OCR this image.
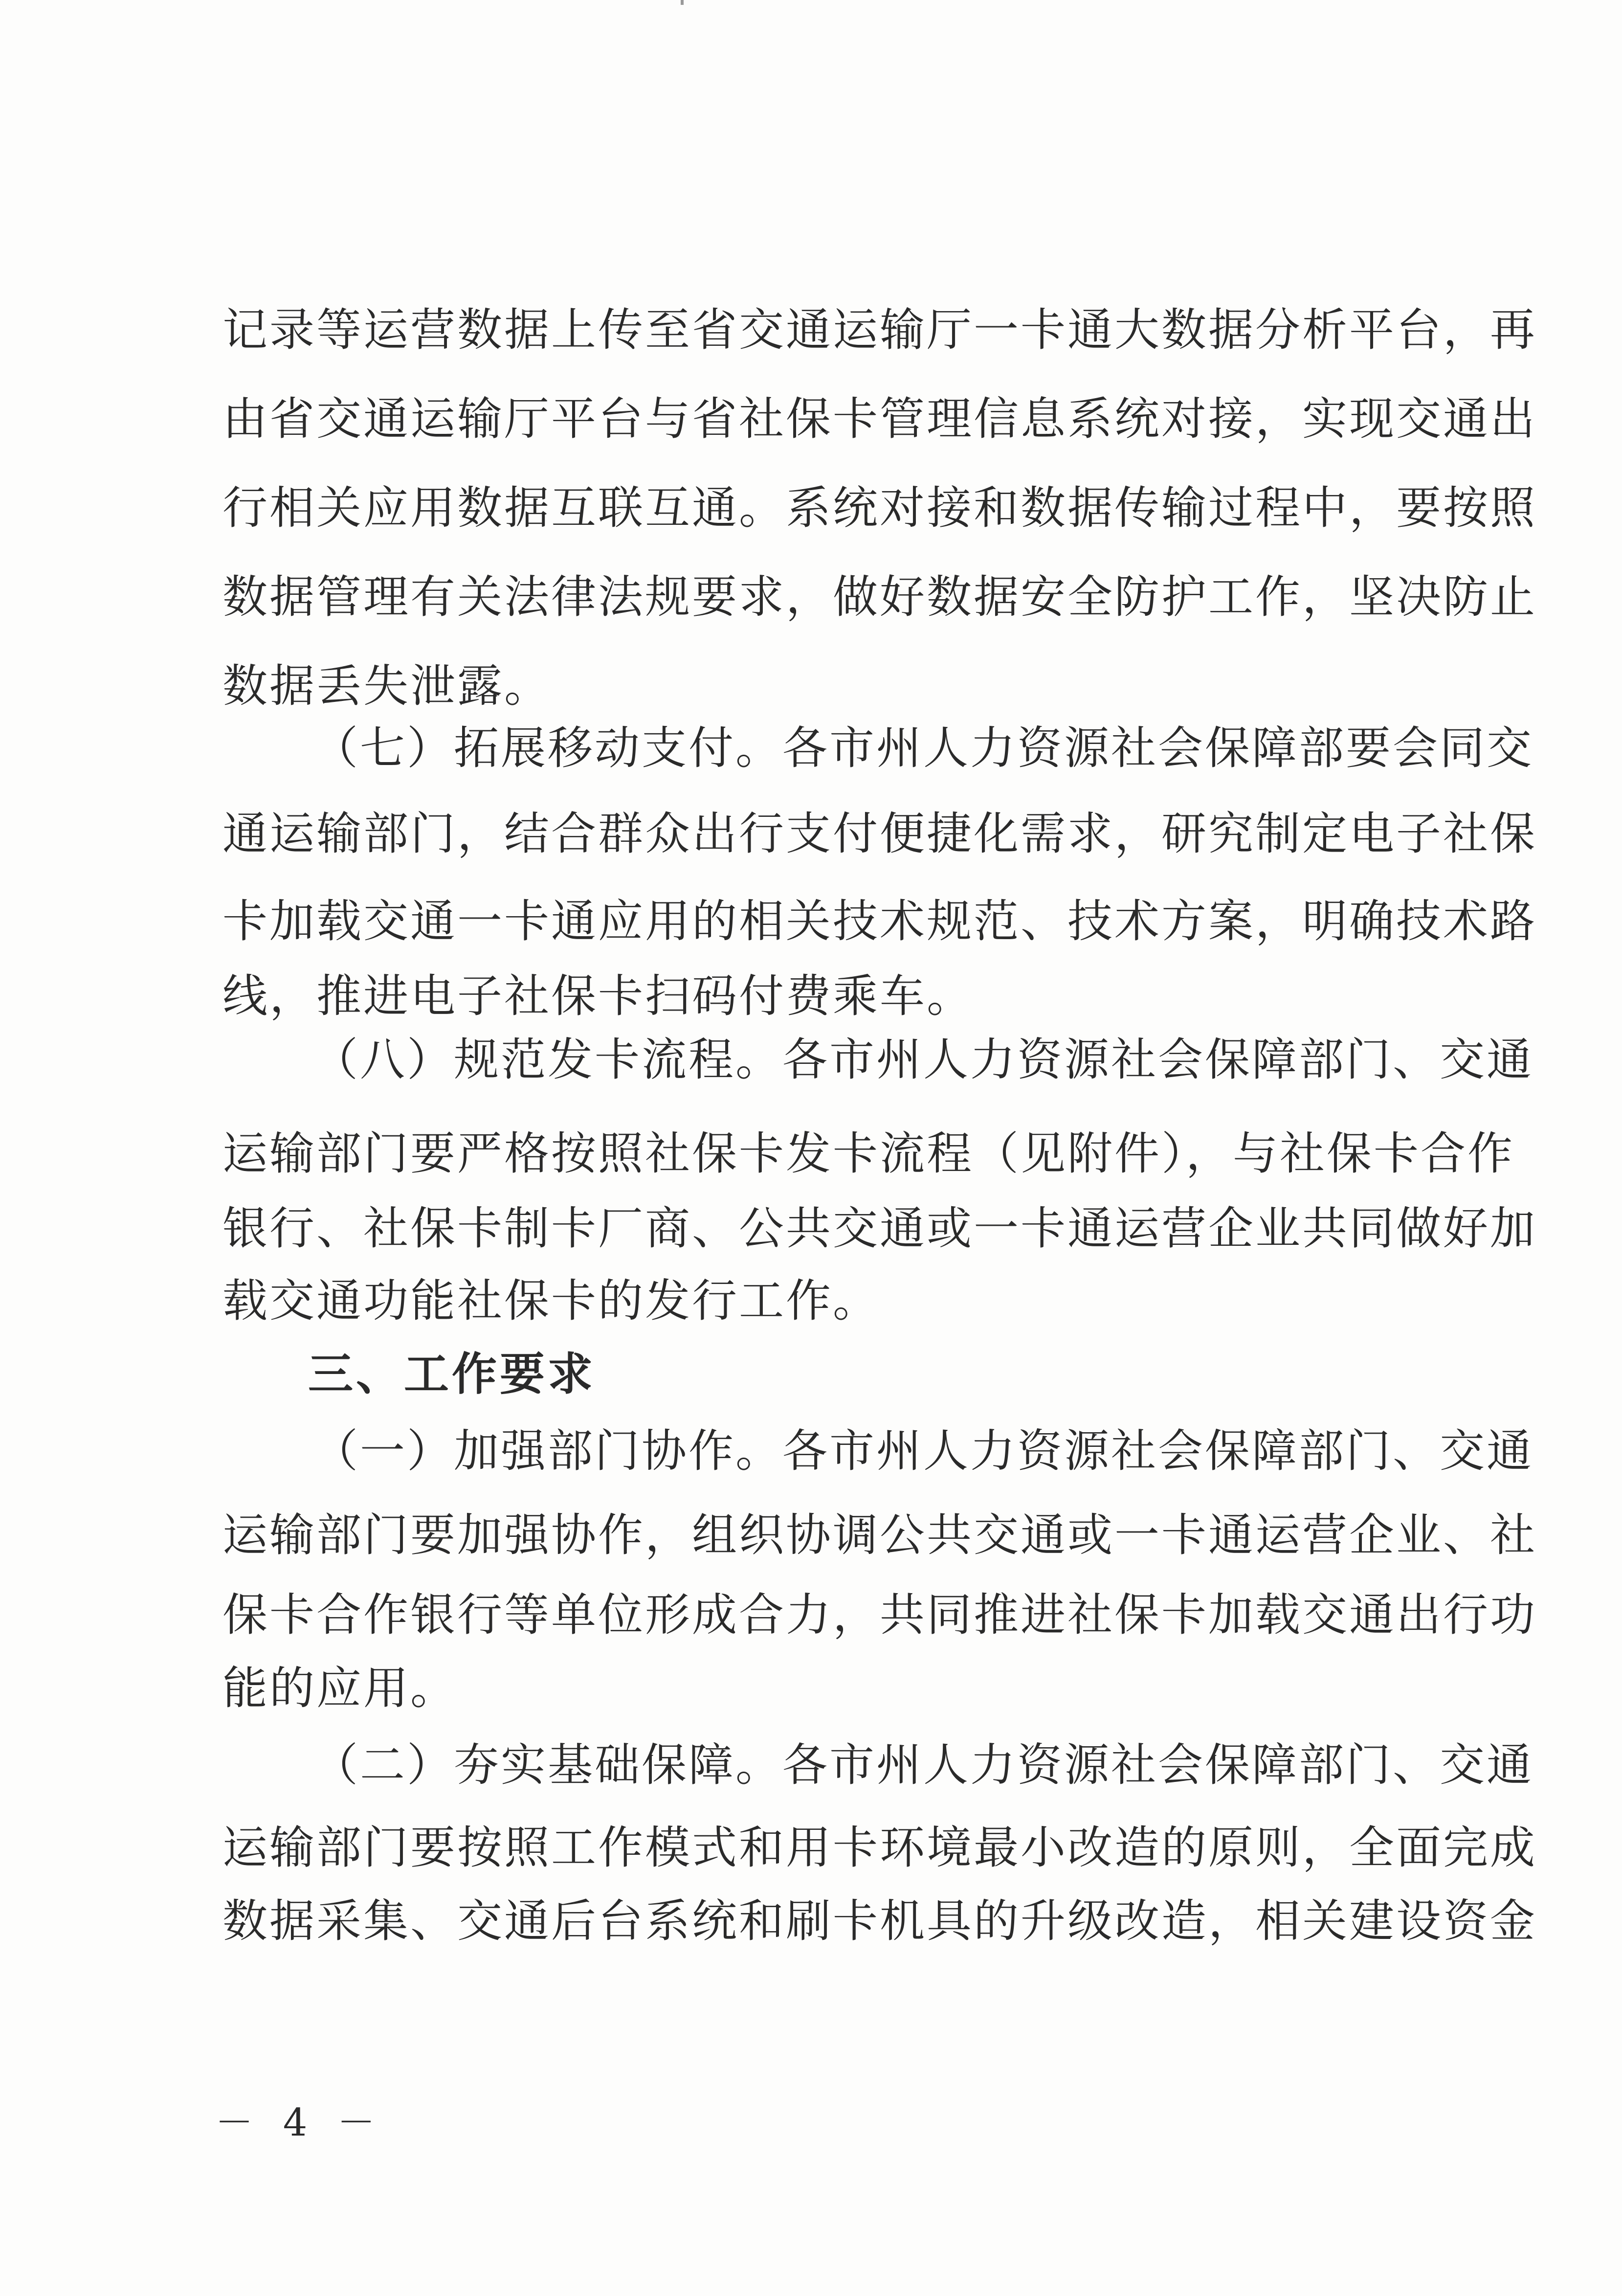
记录等运营数据上传至省交通运输厅一卡通大数据分析平台，再
由省交通运输厅平台与省社保卡管理信息系统对接，实现交通出
行相关应用数据互联互通。系统对接和数据传输过程中，要按照
数据管理有关法律法规要求，做好数据安全防护工作，坚决防止
数据丢失泄露。
（七）拓展移动支付。各市州人力资源社会保障部要会同交
通运输部门，结合群众出行支付便捷化需求，研究制定电子社保
卡加载交通一卡通应用的相关技术规范、技术方案，明确技术路
线，推进电子社保卡扫码付费乘车。
（八）规范发卡流程。各市州人力资源社会保障部门、交通
运输部门要严格按照社保卡发卡流程（见附件），与社保卡合作
银行、社保卡制卡厂商、公共交通或一卡通运营企业共同做好加
载交通功能社保卡的发行工作。
三、工作要求
（一）加强部门协作。各市州人力资源社会保障部门、交通
运输部门要加强协作，组织协调公共交通或一卡通运营企业、社
保卡合作银行等单位形成合力，共同推进社保卡加载交通出行功
能的应用。
（二）夯实基础保障。各市州人力资源社会保障部门、交通
运输部门要按照工作模式和用卡环境最小改造的原则，全面完成
数据采集、交通后台系统和刷卡机具的升级改造，相关建设资金
－ 4 －
